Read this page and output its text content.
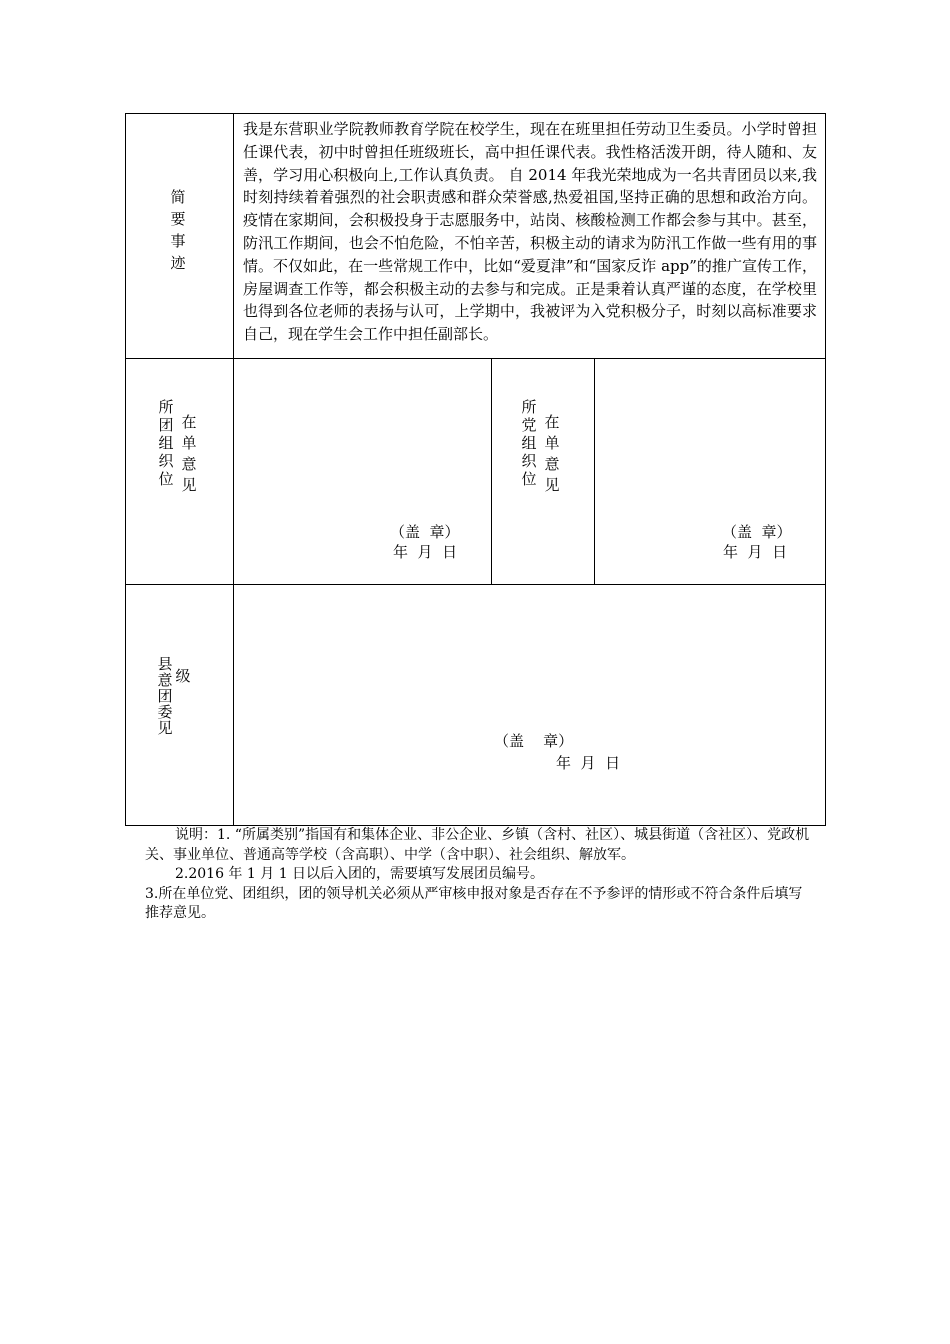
简要事迹
我是东营职业学院教师教育学院在校学生，现在在班里担任劳动卫生委员。小学时曾担任课代表，初中时曾担任班级班长，高中担任课代表。我性格活泼开朗，待人随和、友善，学习用心积极向上,工作认真负责。 自 2014 年我光荣地成为一名共青团员以来,我时刻持续着着强烈的社会职责感和群众荣誉感,热爱祖国,坚持正确的思想和政治方向。疫情在家期间，会积极投身于志愿服务中，站岗、核酸检测工作都会参与其中。甚至，防汛工作期间，也会不怕危险，不怕辛苦，积极主动的请求为防汛工作做一些有用的事情。不仅如此，在一些常规工作中，比如“爱夏津”和“国家反诈 app”的推广宣传工作，房屋调查工作等，都会积极主动的去参与和完成。正是秉着认真严谨的态度，在学校里也得到各位老师的表扬与认可，上学期中，我被评为入党积极分子，时刻以高标准要求自己，现在学生会工作中担任副部长。
所团组织位
在单意见
（盖  章）
年  月  日
所党组织位
在单意见
（盖  章）
年  月  日
县意团委见
级
（盖    章）
年  月  日

说明：1. “所属类别”指国有和集体企业、非公企业、乡镇（含村、社区）、城县街道（含社区）、党政机关、事业单位、普通高等学校（含高职）、中学（含中职）、社会组织、解放军。

2.2016 年 1 月 1 日以后入团的，需要填写发展团员编号。

3.所在单位党、团组织，团的领导机关必须从严审核申报对象是否存在不予参评的情形或不符合条件后填写推荐意见。
